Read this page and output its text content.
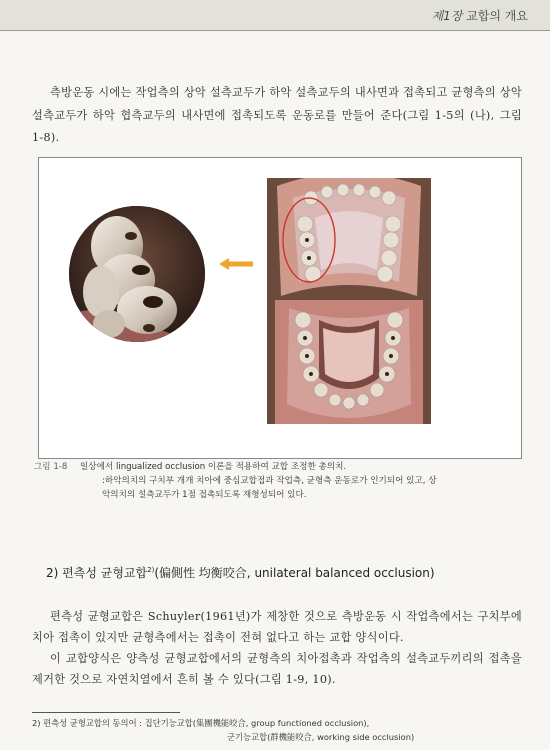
제1장 교합의 개요

측방운동 시에는 작업측의 상악 설측교두가 하악 설측교두의 내사면과 접촉되고 균형측의 상악 설측교두가 하악 협측교두의 내사면에 접촉되도록 운동로를 만들어 준다(그림 1-5의 (나), 그림 1-8).

그림 1-8 일상에서 lingualized occlusion 이론을 적용하여 교합 조정한 총의치.
:하악의치의 구치부 개개 치아에 중심교합접과 작업측, 균형측 운동로가 인기되어 있고, 상
악의치의 설측교두가 1점 접촉되도록 재형성되어 있다.
2) 편측성 균형교합$^{2)}$(偏側性 均衡咬合, unilateral balanced occlusion)

편측성 균형교합은 Schuyler(1961년)가 제창한 것으로 측방운동 시 작업측에서는 구치부에 치아 접촉이 있지만 균형측에서는 접촉이 전혀 없다고 하는 교합 양식이다.

이 교합양식은 양측성 균형교합에서의 균형측의 치아접촉과 작업측의 설측교두끼리의 접촉을 제거한 것으로 자연치열에서 흔히 볼 수 있다(그림 1-9, 10).

2) 편측성 균형교합의 동의어 : 집단기능교합(集團機能咬合, group functioned occlusion),
군기능교합(群機能咬合, working side occlusion)
